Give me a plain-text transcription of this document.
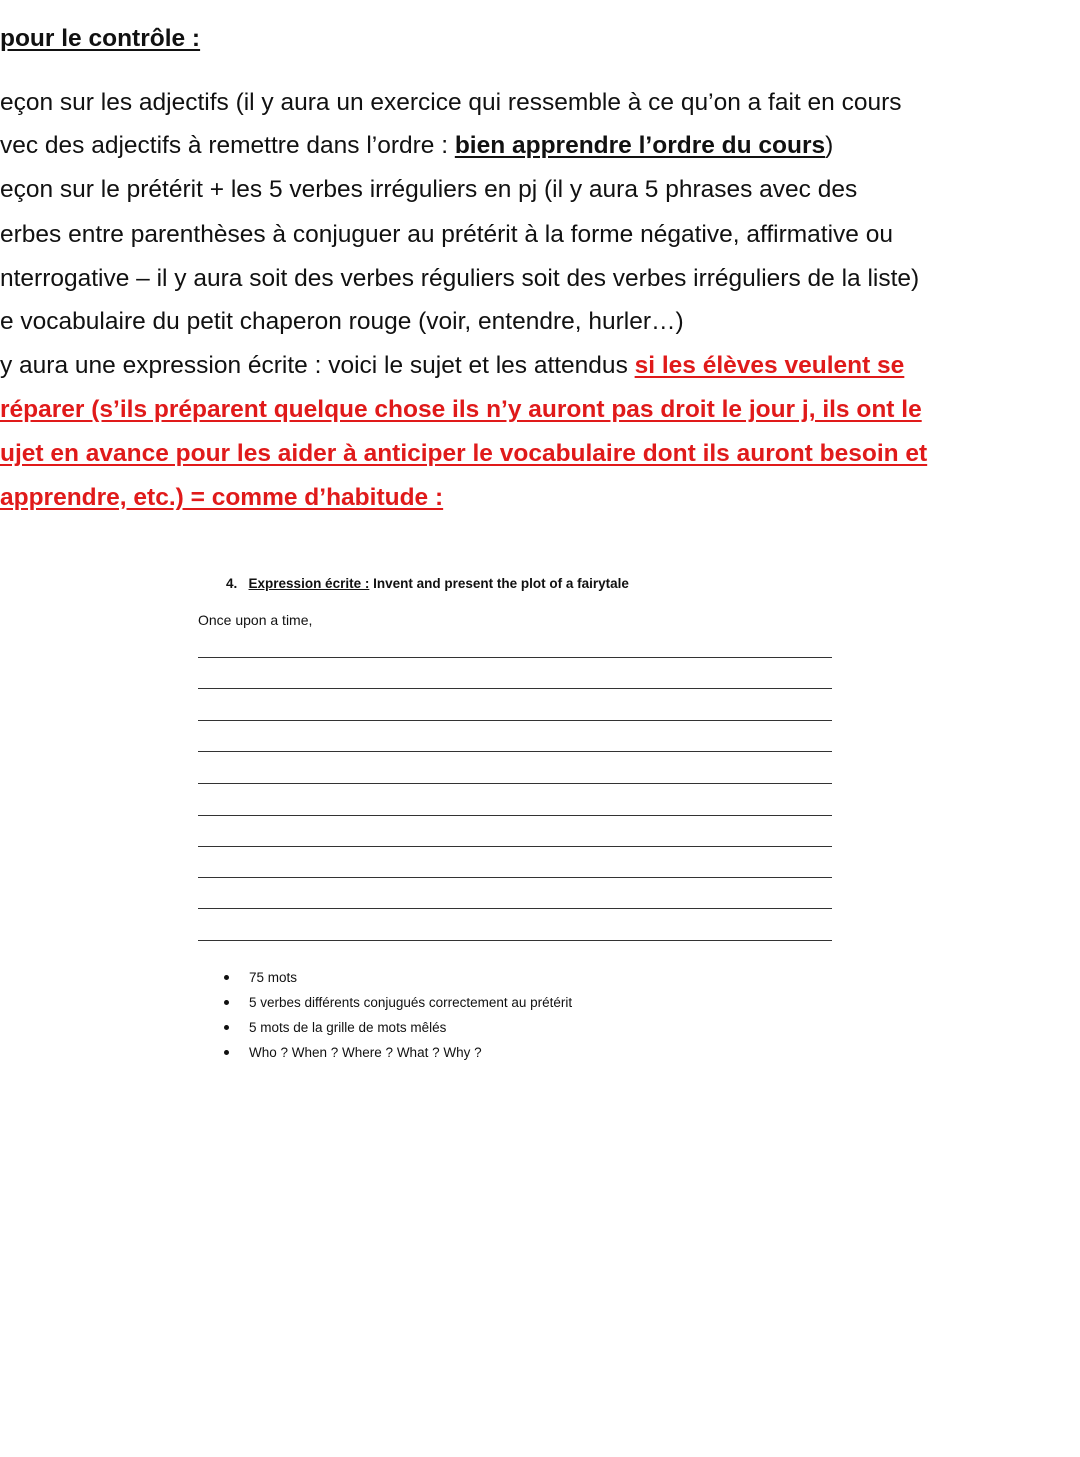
pour le contrôle :
eçon sur les adjectifs (il y aura un exercice qui ressemble à ce qu’on a fait en cours
vec des adjectifs à remettre dans l’ordre : bien apprendre l’ordre du cours)
eçon sur le prétérit + les 5 verbes irréguliers en pj (il y aura 5 phrases avec des
erbes entre parenthèses à conjuguer au prétérit à la forme négative, affirmative ou
nterrogative – il y aura soit des verbes réguliers soit des verbes irréguliers de la liste)
e vocabulaire du petit chaperon rouge (voir, entendre, hurler…)
y aura une expression écrite : voici le sujet et les attendus si les élèves veulent se
réparer (s’ils préparent quelque chose ils n’y auront pas droit le jour j, ils ont le
ujet en avance pour les aider à anticiper le vocabulaire dont ils auront besoin et
apprendre, etc.) = comme d’habitude :
4. Expression écrite : Invent and present the plot of a fairytale
Once upon a time,
75 mots
5 verbes différents conjugués correctement au prétérit
5 mots de la grille de mots mêlés
Who ? When ? Where ? What ? Why ?
